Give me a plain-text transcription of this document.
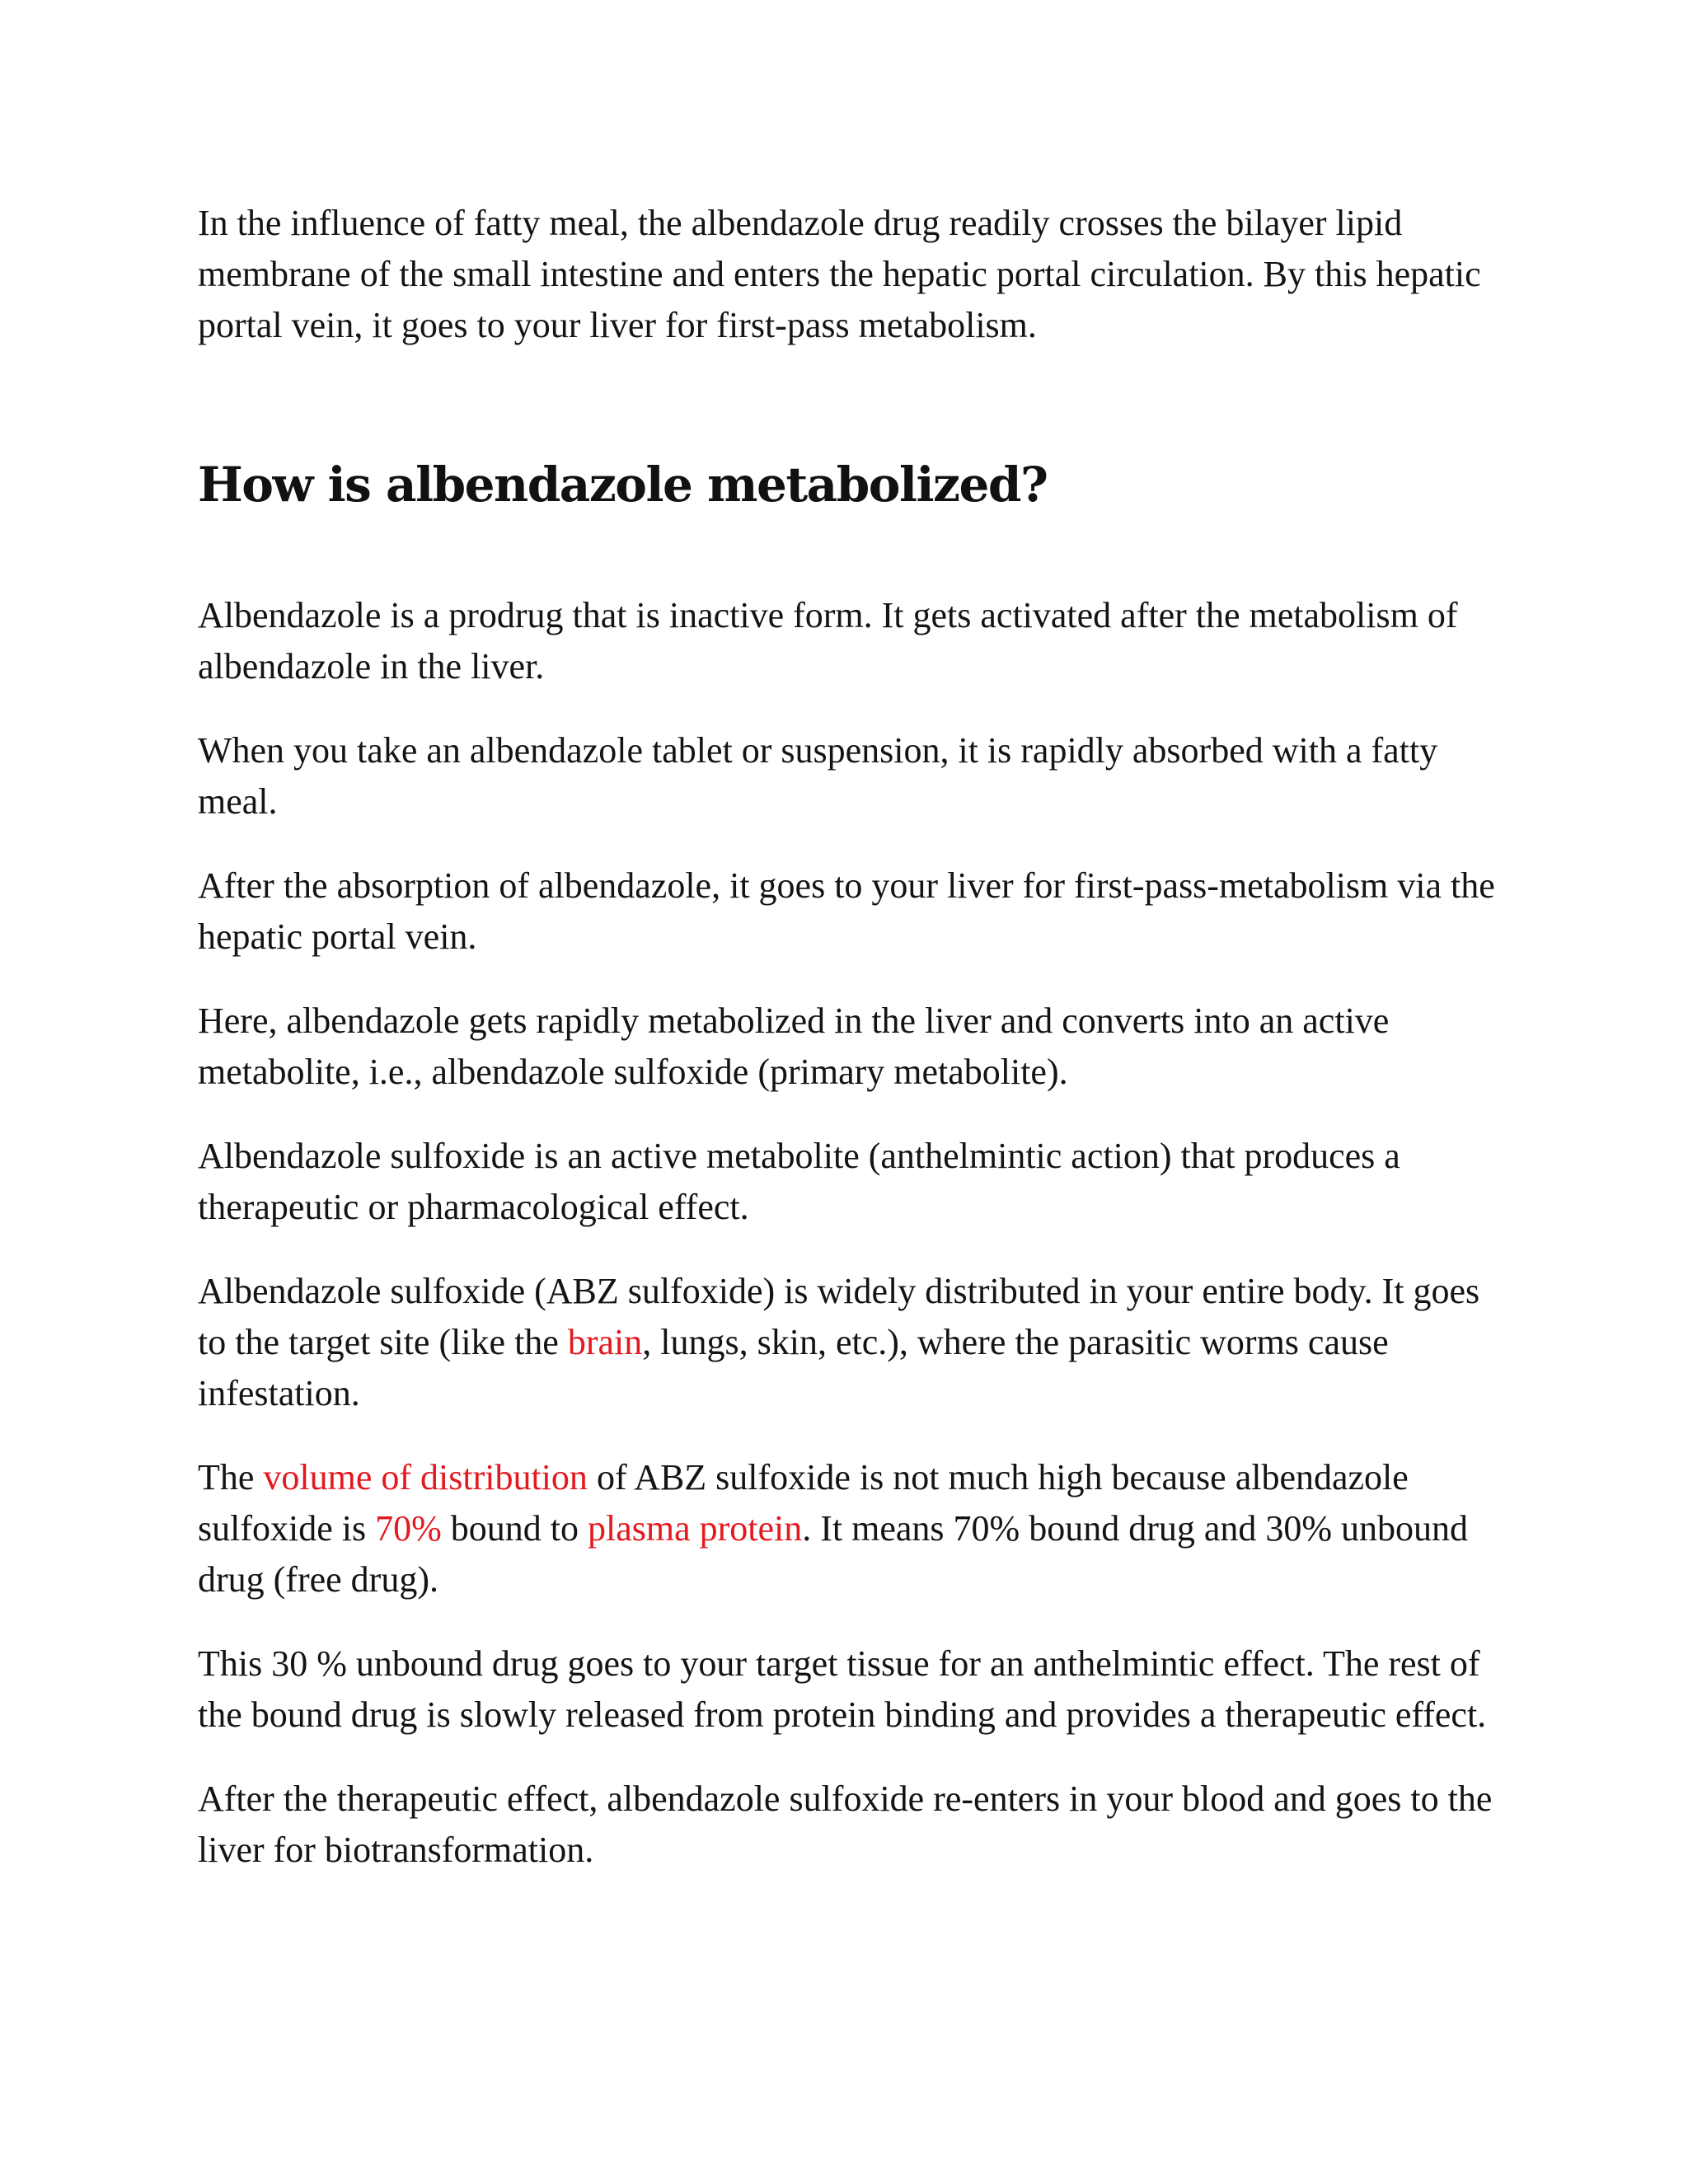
In the influence of fatty meal, the albendazole drug readily crosses the bilayer lipid membrane of the small intestine and enters the hepatic portal circulation. By this hepatic portal vein, it goes to your liver for first-pass metabolism.

How is albendazole metabolized?

Albendazole is a prodrug that is inactive form. It gets activated after the metabolism of albendazole in the liver.

When you take an albendazole tablet or suspension, it is rapidly absorbed with a fatty meal.

After the absorption of albendazole, it goes to your liver for first-pass-metabolism via the hepatic portal vein.

Here, albendazole gets rapidly metabolized in the liver and converts into an active metabolite, i.e., albendazole sulfoxide (primary metabolite).

Albendazole sulfoxide is an active metabolite (anthelmintic action) that produces a therapeutic or pharmacological effect.

Albendazole sulfoxide (ABZ sulfoxide) is widely distributed in your entire body. It goes to the target site (like the brain, lungs, skin, etc.), where the parasitic worms cause infestation.

The volume of distribution of ABZ sulfoxide is not much high because albendazole sulfoxide is 70% bound to plasma protein. It means 70% bound drug and 30% unbound drug (free drug).

This 30 % unbound drug goes to your target tissue for an anthelmintic effect. The rest of the bound drug is slowly released from protein binding and provides a therapeutic effect.

After the therapeutic effect, albendazole sulfoxide re-enters in your blood and goes to the liver for biotransformation.
